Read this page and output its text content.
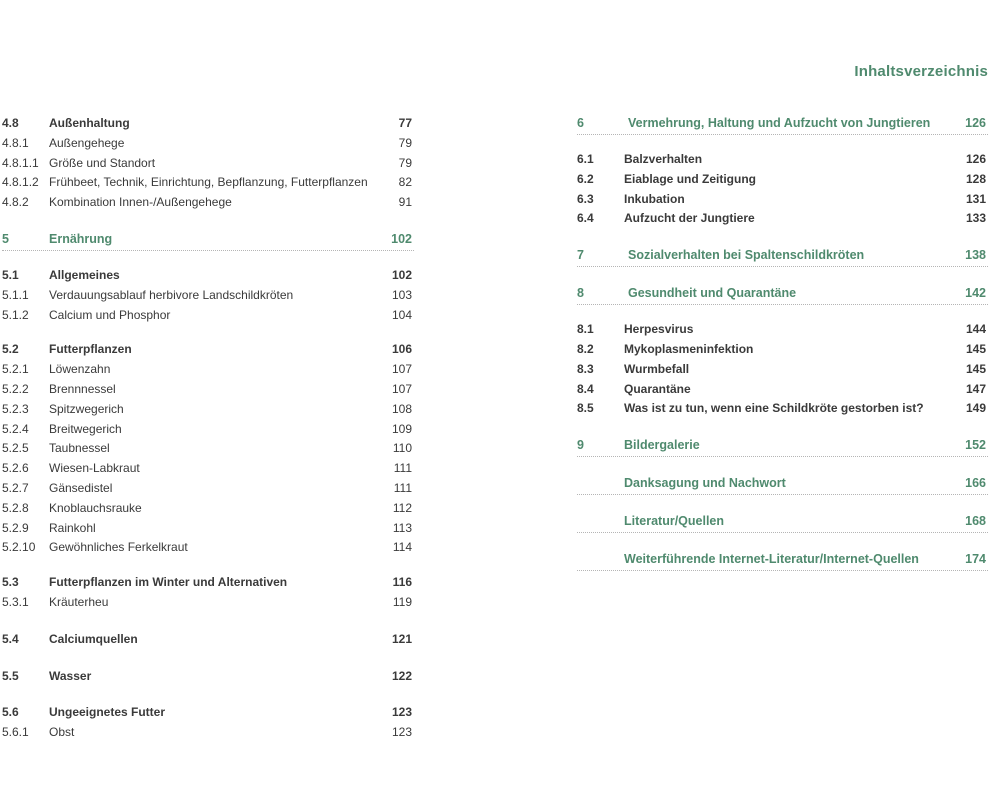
Inhaltsverzeichnis
4.8	Außenhaltung	77
4.8.1 Außengehege	79
4.8.1.1 Größe und Standort	79
4.8.1.2 Frühbeet, Technik, Einrichtung, Bepflanzung, Futterpflanzen	82
4.8.2 Kombination Innen-/Außengehege	91
5	Ernährung	102
5.1	Allgemeines	102
5.1.1 Verdauungsablauf herbivore Landschildkröten	103
5.1.2 Calcium und Phosphor	104
5.2	Futterpflanzen	106
5.2.1 Löwenzahn	107
5.2.2 Brennnessel	107
5.2.3 Spitzwegerich	108
5.2.4 Breitwegerich	109
5.2.5 Taubnessel	110
5.2.6 Wiesen-Labkraut	111
5.2.7 Gänsedistel	111
5.2.8 Knoblauchsrauke	112
5.2.9 Rainkohl	113
5.2.10 Gewöhnliches Ferkelkraut	114
5.3	Futterpflanzen im Winter und Alternativen	116
5.3.1 Kräuterheu	119
5.4	Calciumquellen	121
5.5	Wasser	122
5.6	Ungeeignetes Futter	123
5.6.1 Obst	123
6	Vermehrung, Haltung und Aufzucht von Jungtieren	126
6.1	Balzverhalten	126
6.2	Eiablage und Zeitigung	128
6.3	Inkubation	131
6.4	Aufzucht der Jungtiere	133
7	Sozialverhalten bei Spaltenschildkröten	138
8	Gesundheit und Quarantäne	142
8.1	Herpesvirus	144
8.2	Mykoplasmeninfektion	145
8.3	Wurmbefall	145
8.4	Quarantäne	147
8.5	Was ist zu tun, wenn eine Schildkröte gestorben ist?	149
9	Bildergalerie	152
Danksagung und Nachwort	166
Literatur/Quellen	168
Weiterführende Internet-Literatur/Internet-Quellen	174
